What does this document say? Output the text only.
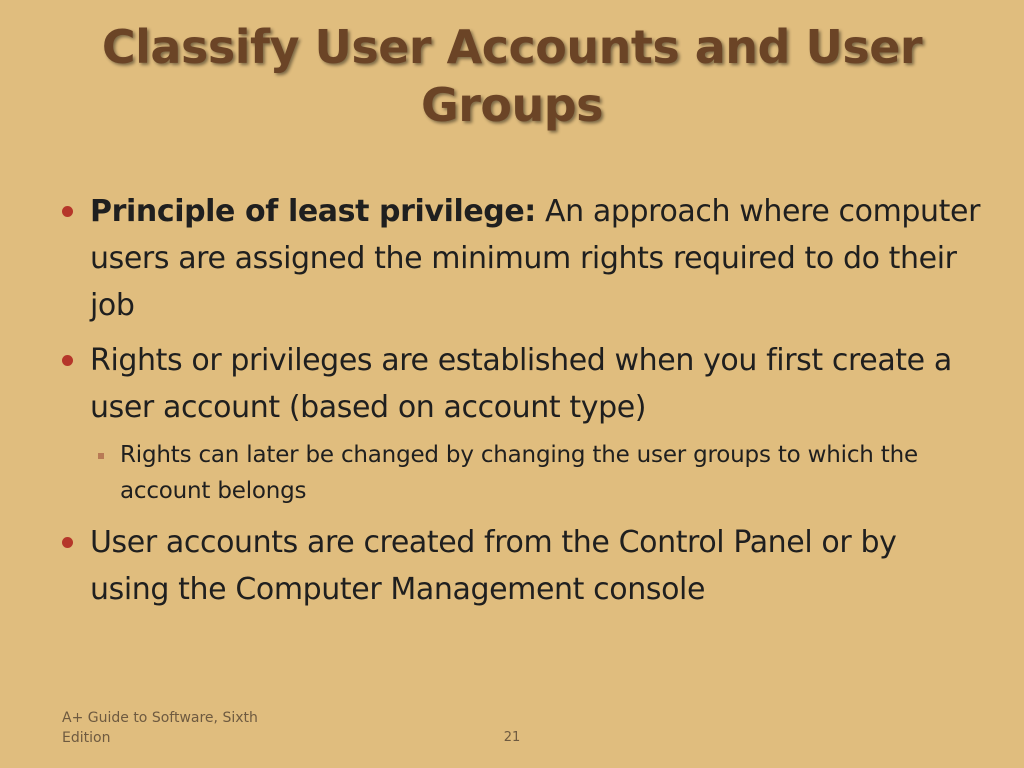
Classify User Accounts and User Groups
Principle of least privilege: An approach where computer users are assigned the minimum rights required to do their job
Rights or privileges are established when you first create a user account (based on account type)
Rights can later be changed by changing the user groups to which the account belongs
User accounts are created from the Control Panel or by using the Computer Management console
A+ Guide to Software, Sixth Edition	21
